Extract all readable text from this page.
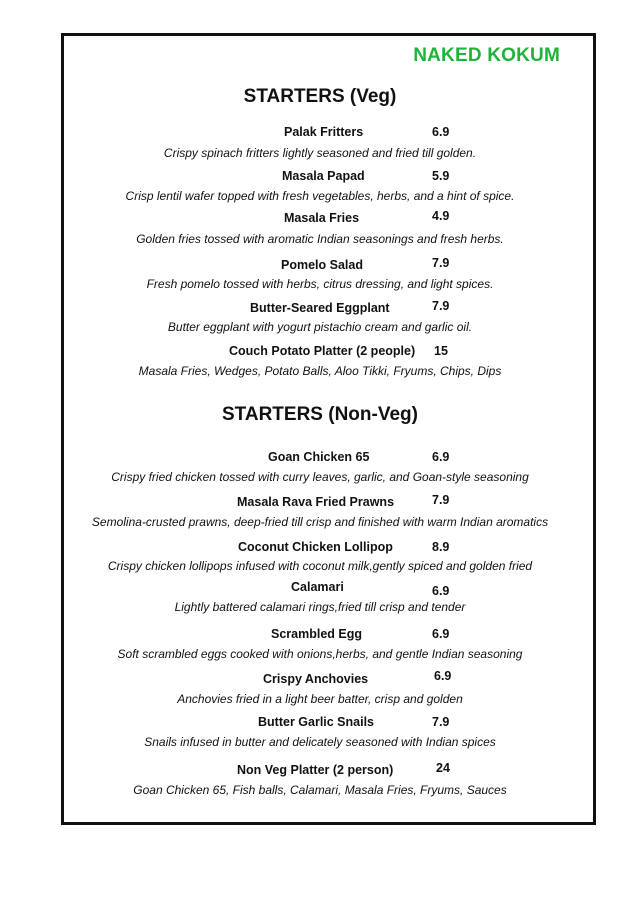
NAKED KOKUM
STARTERS (Veg)
Palak Fritters	6.9
Crispy spinach fritters lightly seasoned and fried till golden.
Masala Papad	5.9
Crisp lentil wafer topped with fresh vegetables, herbs, and a hint of spice.
Masala Fries	4.9
Golden fries tossed with aromatic Indian seasonings and fresh herbs.
Pomelo Salad	7.9
Fresh pomelo tossed with herbs, citrus dressing, and light spices.
Butter-Seared Eggplant	7.9
Butter eggplant with yogurt pistachio cream and garlic oil.
Couch Potato Platter (2 people) 15
Masala Fries, Wedges, Potato Balls, Aloo Tikki, Fryums, Chips, Dips
STARTERS (Non-Veg)
Goan Chicken 65	6.9
Crispy fried chicken tossed with curry leaves, garlic, and Goan-style seasoning
Masala Rava Fried Prawns	7.9
Semolina-crusted prawns, deep-fried till crisp and finished with warm Indian aromatics
Coconut Chicken Lollipop	8.9
Crispy chicken lollipops infused with coconut milk,gently spiced and golden fried
Calamari	6.9
Lightly battered calamari rings,fried till crisp and tender
Scrambled Egg	6.9
Soft scrambled eggs cooked with onions,herbs, and gentle Indian seasoning
Crispy Anchovies	6.9
Anchovies fried in a light beer batter, crisp and golden
Butter Garlic Snails	7.9
Snails infused in butter and delicately seasoned with Indian spices
Non Veg Platter (2 person)	24
Goan Chicken 65, Fish balls, Calamari, Masala Fries, Fryums, Sauces
